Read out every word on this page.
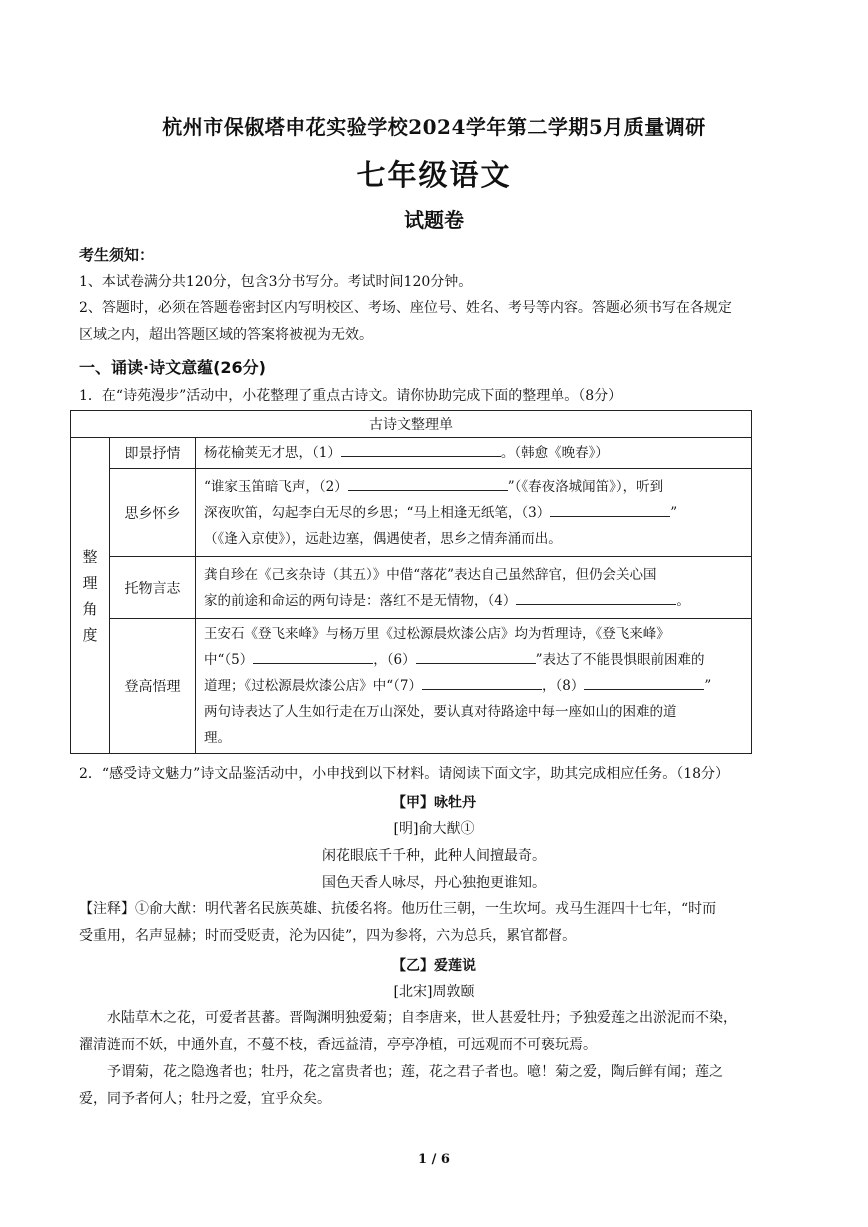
杭州市保俶塔申花实验学校2024学年第二学期5月质量调研
七年级语文
试题卷
考生须知：
1、本试卷满分共120分，包含3分书写分。考试时间120分钟。
2、答题时，必须在答题卷密封区内写明校区、考场、座位号、姓名、考号等内容。答题必须书写在各规定
区域之内，超出答题区域的答案将被视为无效。
一、诵读·诗文意蕴(26分)
1．在“诗苑漫步”活动中，小花整理了重点古诗文。请你协助完成下面的整理单。（8分）
古诗文整理单		

整
理
角
度	即景抒情	杨花榆荚无才思，（1） 。（韩愈《晚春》）

	思乡怀乡	“谁家玉笛暗飞声，（2） ”（《春夜洛城闻笛》），听到
深夜吹笛，勾起李白无尽的乡思；“马上相逢无纸笔，（3） ”
（《逢入京使》），远赴边塞，偶遇使者，思乡之情奔涌而出。

	托物言志	龚自珍在《己亥杂诗（其五）》中借“落花”表达自己虽然辞官，但仍会关心国
家的前途和命运的两句诗是：落红不是无情物，（4） 。

	登高悟理	王安石《登飞来峰》与杨万里《过松源晨炊漆公店》均为哲理诗，《登飞来峰》
中“（5） ，（6） ”表达了不能畏惧眼前困难的
道理；《过松源晨炊漆公店》中“（7） ，（8） ”
两句诗表达了人生如行走在万山深处，要认真对待路途中每一座如山的困难的道
理。
2．“感受诗文魅力”诗文品鉴活动中，小申找到以下材料。请阅读下面文字，助其完成相应任务。（18分）
【甲】咏牡丹
[明]俞大猷①
闲花眼底千千种，此种人间擅最奇。
国色天香人咏尽，丹心独抱更谁知。
【注释】①俞大猷：明代著名民族英雄、抗倭名将。他历仕三朝，一生坎坷。戎马生涯四十七年，“时而
受重用，名声显赫；时而受贬责，沦为囚徒”，四为参将，六为总兵，累官都督。
【乙】爱莲说
[北宋]周敦颐
水陆草木之花，可爱者甚蕃。晋陶渊明独爱菊；自李唐来，世人甚爱牡丹；予独爱莲之出淤泥而不染，
濯清涟而不妖，中通外直，不蔓不枝，香远益清，亭亭净植，可远观而不可亵玩焉。
予谓菊，花之隐逸者也；牡丹，花之富贵者也；莲，花之君子者也。噫！菊之爱，陶后鲜有闻；莲之
爱，同予者何人；牡丹之爱，宜乎众矣。
1 / 6
